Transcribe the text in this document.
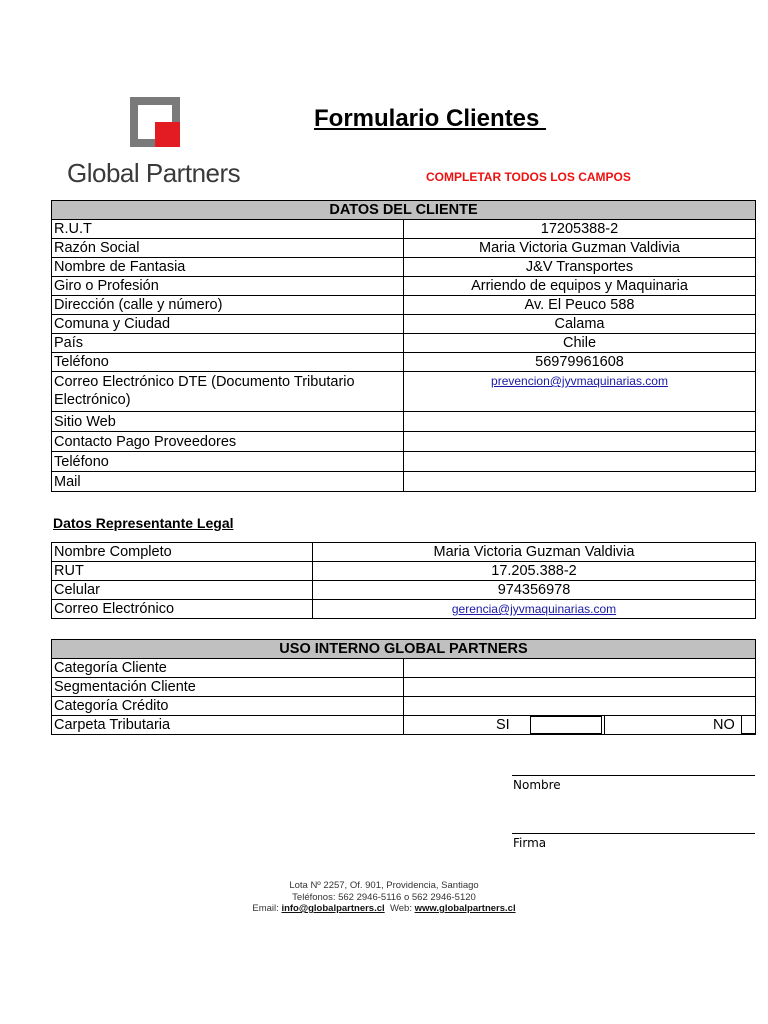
Global Partners
Formulario Clientes
COMPLETAR TODOS LOS CAMPOS
DATOS DEL CLIENTE	
R.U.T	17205388-2
Razón Social	Maria Victoria Guzman Valdivia
Nombre de Fantasia	J&V Transportes
Giro o Profesión	Arriendo de equipos y Maquinaria
Dirección (calle y número)	Av. El Peuco 588
Comuna y Ciudad	Calama
País	Chile
Teléfono	56979961608
Correo Electrónico DTE (Documento Tributario Electrónico)	prevencion@jyvmaquinarias.com
Sitio Web	
Contacto Pago Proveedores	
Teléfono	
Mail	
Datos Representante Legal
Nombre Completo	Maria Victoria Guzman Valdivia
RUT	17.205.388-2
Celular	974356978
Correo Electrónico	gerencia@jyvmaquinarias.com
USO INTERNO GLOBAL PARTNERS	
Categoría Cliente	
Segmentación Cliente	
Categoría Crédito	
Carpeta Tributaria	SI NO
Nombre
Firma
Lota Nº 2257, Of. 901, Providencia, Santiago
Teléfonos: 562 2946-5116 o 562 2946-5120
Email: info@globalpartners.cl  Web: www.globalpartners.cl
